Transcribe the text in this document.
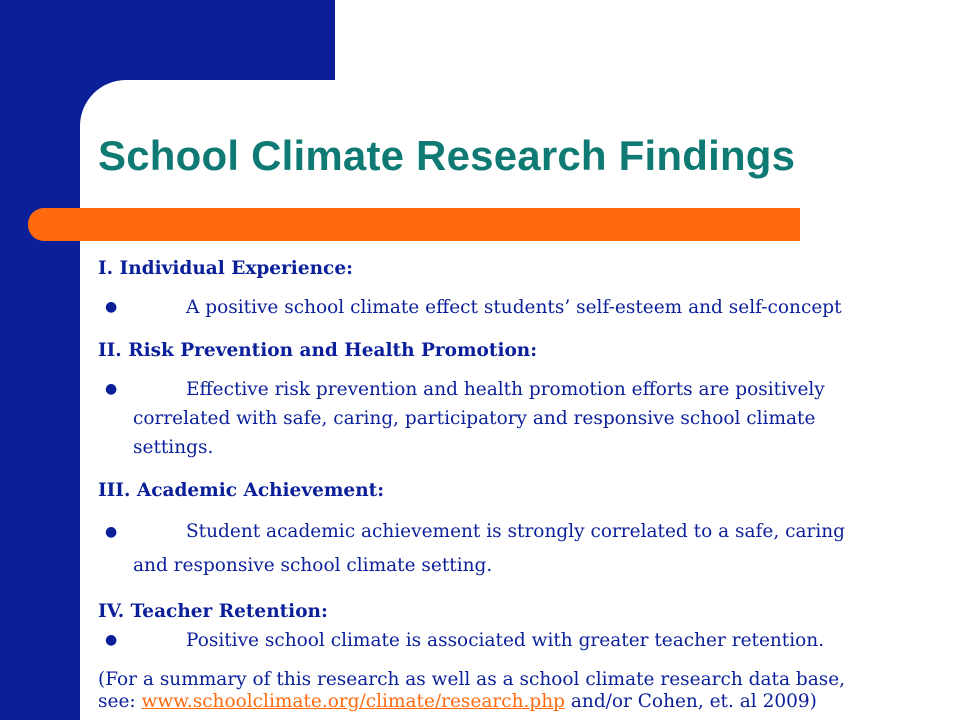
School Climate Research Findings

I. Individual Experience:

●	A positive school climate effect students’ self-esteem and self-concept

II. Risk Prevention and Health Promotion:

●	Effective risk prevention and health promotion efforts are positively
correlated with safe, caring, participatory and responsive school climate
settings.

III. Academic Achievement:

●	Student academic achievement is strongly correlated to a safe, caring
and responsive school climate setting.

IV. Teacher Retention:

●	Positive school climate is associated with greater teacher retention.

(For a summary of this research as well as a school climate research data base,
see: www.schoolclimate.org/climate/research.php and/or Cohen, et. al 2009)
